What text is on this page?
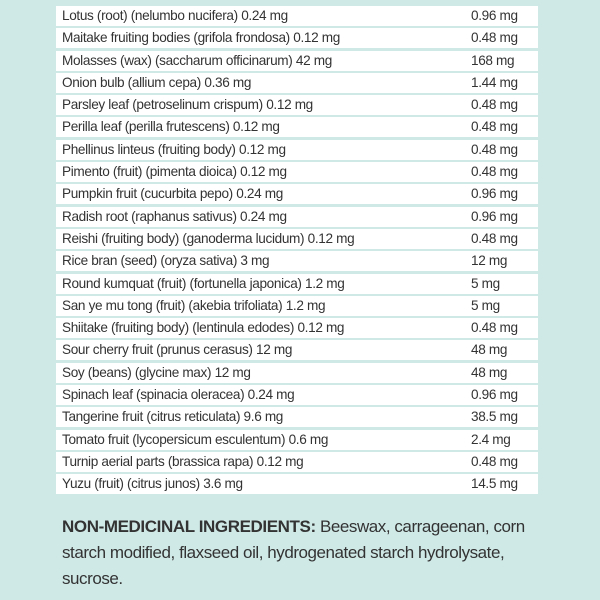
Lotus (root) (nelumbo nucifera) 0.24 mg	0.96 mg
Maitake fruiting bodies (grifola frondosa) 0.12 mg	0.48 mg
Molasses (wax) (saccharum officinarum) 42 mg	168 mg
Onion bulb (allium cepa) 0.36 mg	1.44 mg
Parsley leaf (petroselinum crispum) 0.12 mg	0.48 mg
Perilla leaf (perilla frutescens) 0.12 mg	0.48 mg
Phellinus linteus (fruiting body) 0.12 mg	0.48 mg
Pimento (fruit) (pimenta dioica) 0.12 mg	0.48 mg
Pumpkin fruit (cucurbita pepo) 0.24 mg	0.96 mg
Radish root (raphanus sativus) 0.24 mg	0.96 mg
Reishi (fruiting body) (ganoderma lucidum) 0.12 mg	0.48 mg
Rice bran (seed) (oryza sativa) 3 mg	12 mg
Round kumquat (fruit) (fortunella japonica) 1.2 mg	5 mg
San ye mu tong (fruit) (akebia trifoliata) 1.2 mg	5 mg
Shiitake (fruiting body) (lentinula edodes) 0.12 mg	0.48 mg
Sour cherry fruit (prunus cerasus) 12 mg	48 mg
Soy (beans) (glycine max) 12 mg	48 mg
Spinach leaf (spinacia oleracea) 0.24 mg	0.96 mg
Tangerine fruit (citrus reticulata) 9.6 mg	38.5 mg
Tomato fruit (lycopersicum esculentum) 0.6 mg	2.4 mg
Turnip aerial parts (brassica rapa) 0.12 mg	0.48 mg
Yuzu (fruit) (citrus junos) 3.6 mg	14.5 mg
NON-MEDICINAL INGREDIENTS: Beeswax, carrageenan, corn starch modified, flaxseed oil, hydrogenated starch hydrolysate, sucrose.
